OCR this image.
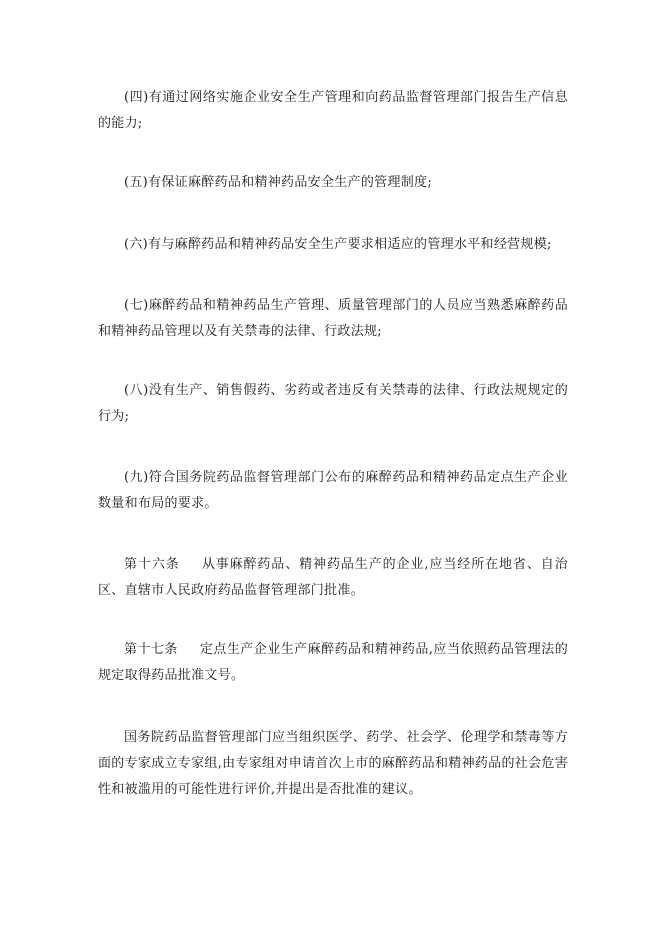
(四)有通过网络实施企业安全生产管理和向药品监督管理部门报告生产信息的能力;

(五)有保证麻醉药品和精神药品安全生产的管理制度;

(六)有与麻醉药品和精神药品安全生产要求相适应的管理水平和经营规模;

(七)麻醉药品和精神药品生产管理、质量管理部门的人员应当熟悉麻醉药品和精神药品管理以及有关禁毒的法律、行政法规;

(八)没有生产、销售假药、劣药或者违反有关禁毒的法律、行政法规规定的行为;

(九)符合国务院药品监督管理部门公布的麻醉药品和精神药品定点生产企业数量和布局的要求。

第十六条 从事麻醉药品、精神药品生产的企业,应当经所在地省、自治区、直辖市人民政府药品监督管理部门批准。

第十七条 定点生产企业生产麻醉药品和精神药品,应当依照药品管理法的规定取得药品批准文号。

国务院药品监督管理部门应当组织医学、药学、社会学、伦理学和禁毒等方面的专家成立专家组,由专家组对申请首次上市的麻醉药品和精神药品的社会危害性和被滥用的可能性进行评价,并提出是否批准的建议。
